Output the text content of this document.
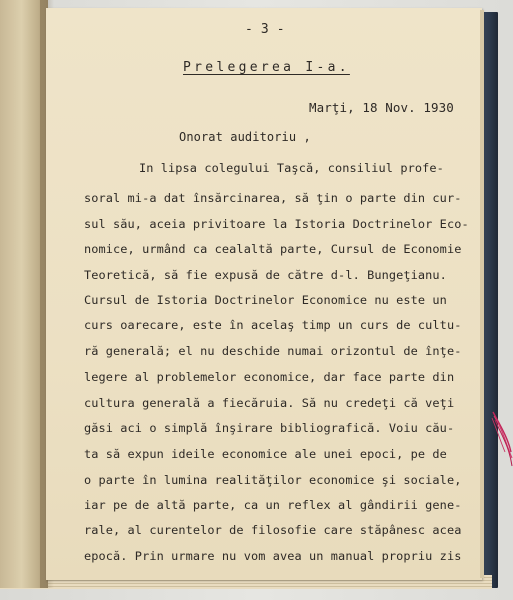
- 3 -
Prelegerea I-a.
Marţi, 18 Nov. 1930
Onorat auditoriu ,
In lipsa colegului Taşcă, consiliul profe-
soral mi-a dat însărcinarea, să ţin o parte din cur-
sul său, aceia privitoare la Istoria Doctrinelor Eco-
nomice, urmând ca cealaltă parte, Cursul de Economie
Teoretică, să fie expusă de către d-l. Bungeţianu.
Cursul de Istoria Doctrinelor Economice nu este un
curs oarecare, este în acelaş timp un curs de cultu-
ră generală; el nu deschide numai orizontul de înţe-
legere al problemelor economice, dar face parte din
cultura generală a fiecăruia. Să nu credeţi că veţi
găsi aci o simplă înşirare bibliografică. Voiu cău-
ta să expun ideile economice ale unei epoci, pe de
o parte în lumina realităţilor economice şi sociale,
iar pe de altă parte, ca un reflex al gândirii gene-
rale, al curentelor de filosofie care stăpânesc acea
epocă. Prin urmare nu vom avea un manual propriu zis
